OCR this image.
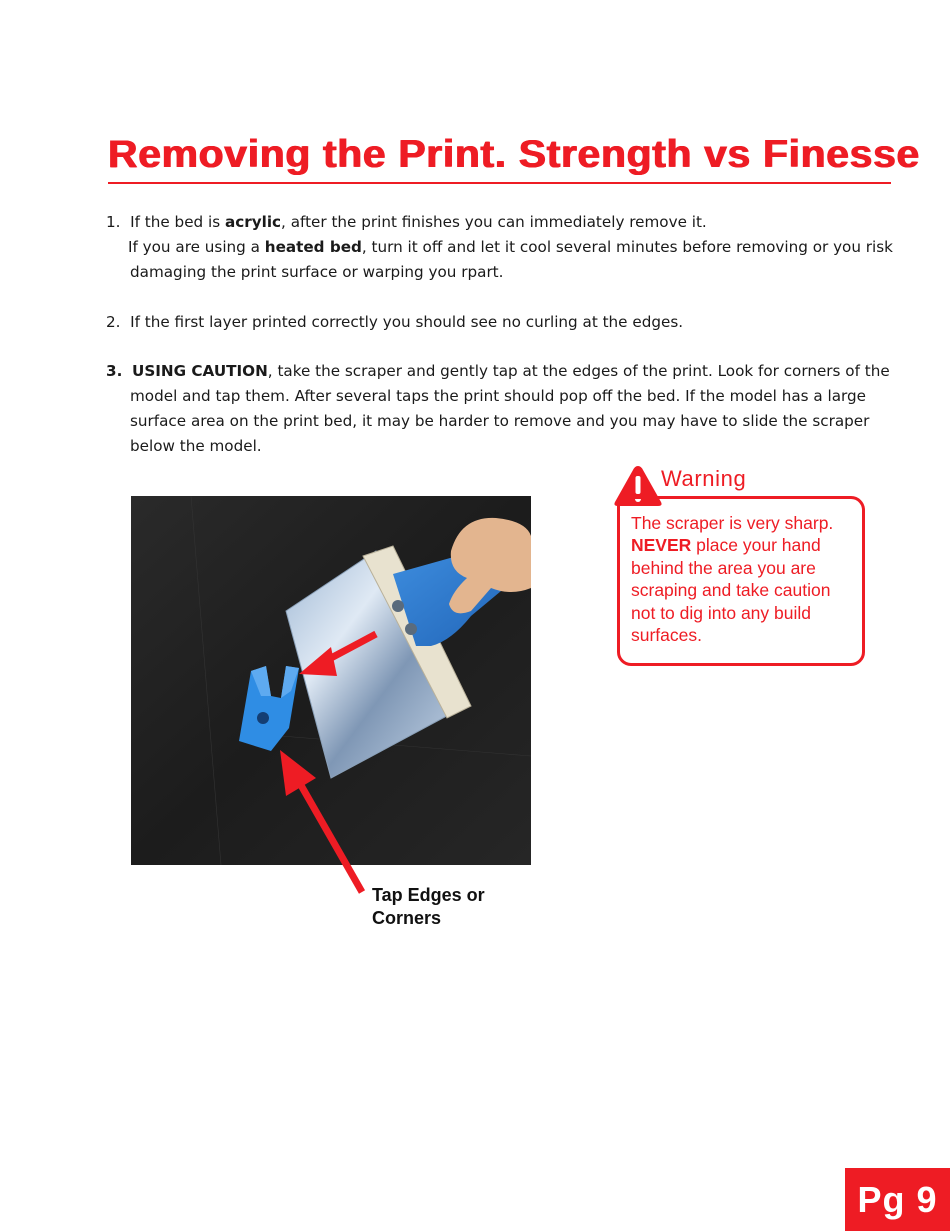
Removing the Print. Strength vs Finesse
1. If the bed is acrylic, after the print finishes you can immediately remove it.
If you are using a heated bed, turn it off and let it cool several minutes before removing or you risk
damaging the print surface or warping you rpart.
2. If the first layer printed correctly you should see no curling at the edges.
3. USING CAUTION, take the scraper and gently tap at the edges of the print. Look for corners of the
model and tap them. After several taps the print should pop off the bed. If the model has a large
surface area on the print bed, it may be harder to remove and you may have to slide the scraper
below the model.
Tap Edges or
Corners
Warning
The scraper is very sharp.
NEVER place your hand
behind the area you are
scraping and take caution
not to dig into any build
surfaces.
Pg 9
